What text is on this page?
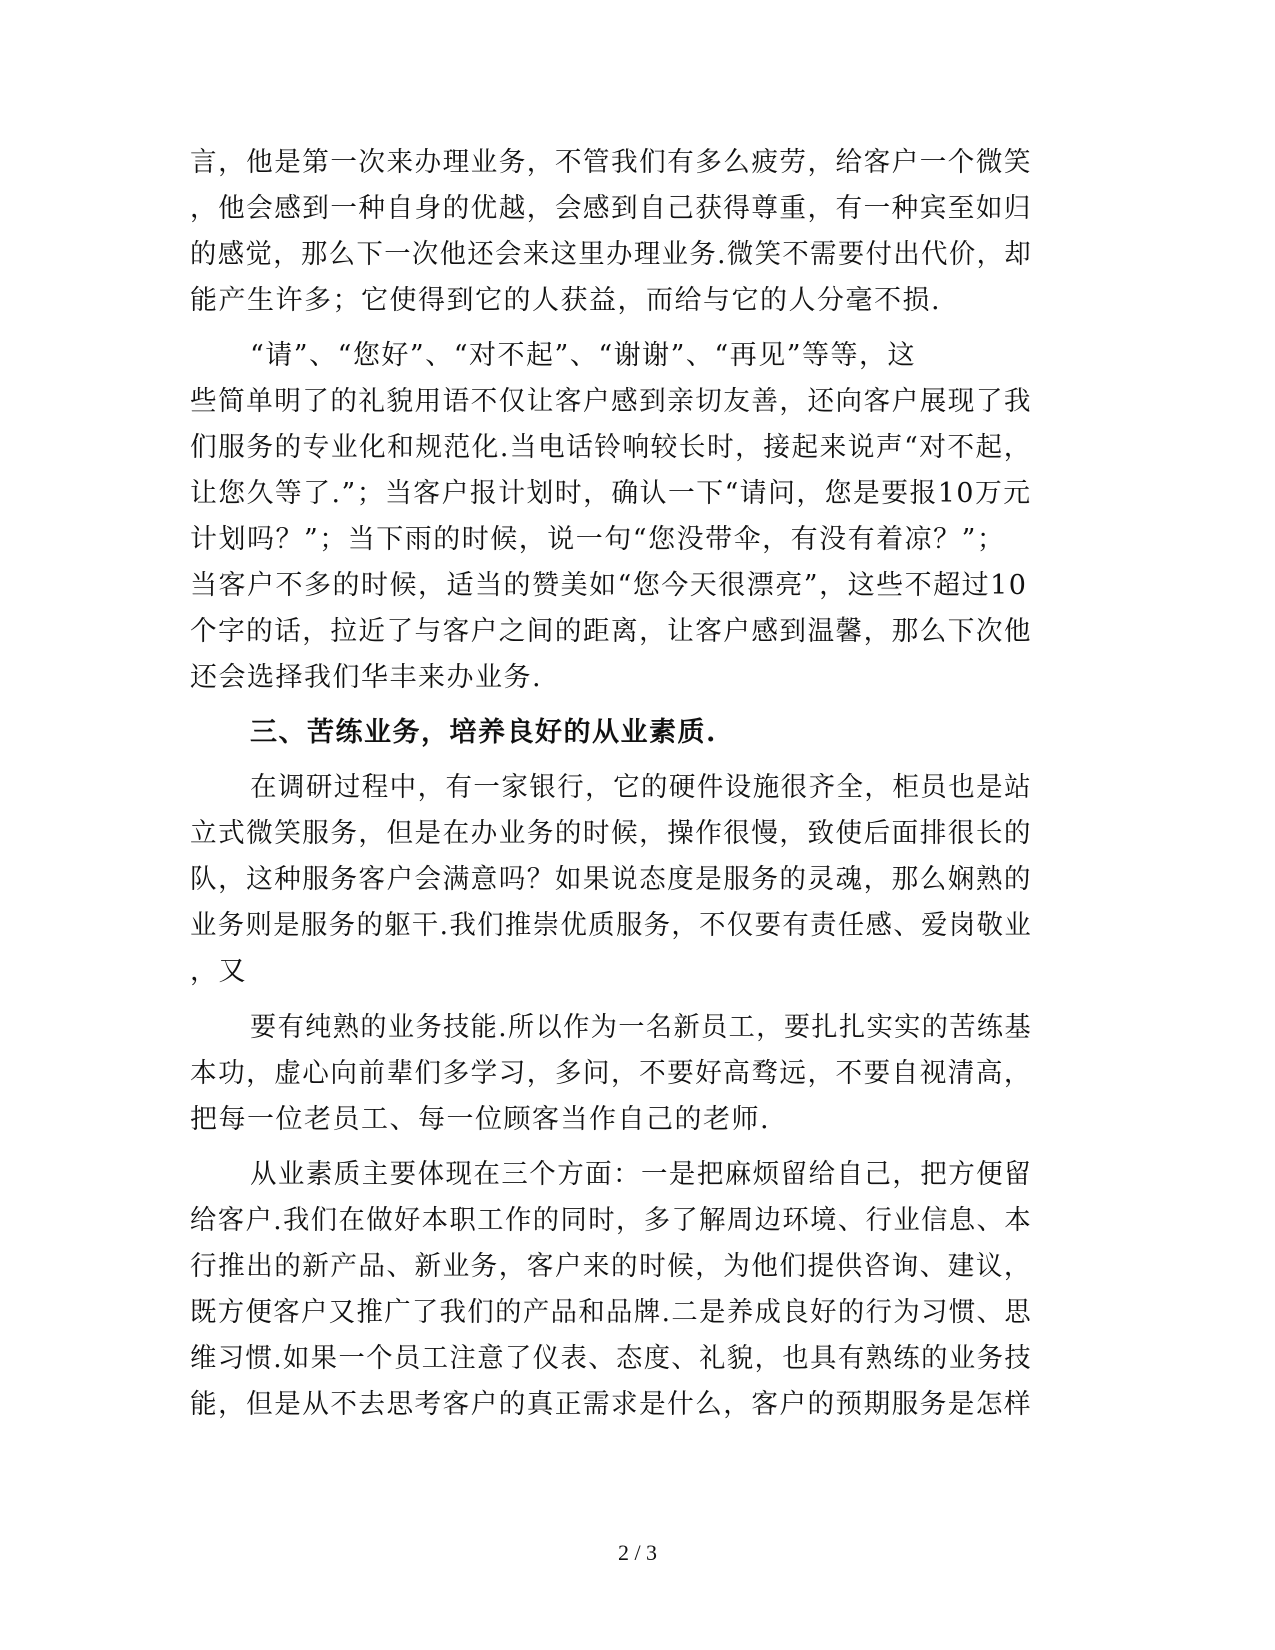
言，他是第一次来办理业务，不管我们有多么疲劳，给客户一个微笑
，他会感到一种自身的优越，会感到自己获得尊重，有一种宾至如归
的感觉，那么下一次他还会来这里办理业务.微笑不需要付出代价，却
能产生许多；它使得到它的人获益，而给与它的人分毫不损.
“请”、“您好”、“对不起”、“谢谢”、“再见”等等，这
些简单明了的礼貌用语不仅让客户感到亲切友善，还向客户展现了我
们服务的专业化和规范化.当电话铃响较长时，接起来说声“对不起，
让您久等了.”；当客户报计划时，确认一下“请问，您是要报10万元
计划吗？”；当下雨的时候，说一句“您没带伞，有没有着凉？”；
当客户不多的时候，适当的赞美如“您今天很漂亮”，这些不超过10
个字的话，拉近了与客户之间的距离，让客户感到温馨，那么下次他
还会选择我们华丰来办业务.
三、苦练业务，培养良好的从业素质.
在调研过程中，有一家银行，它的硬件设施很齐全，柜员也是站
立式微笑服务，但是在办业务的时候，操作很慢，致使后面排很长的
队，这种服务客户会满意吗？如果说态度是服务的灵魂，那么娴熟的
业务则是服务的躯干.我们推崇优质服务，不仅要有责任感、爱岗敬业
，又
要有纯熟的业务技能.所以作为一名新员工，要扎扎实实的苦练基
本功，虚心向前辈们多学习，多问，不要好高骛远，不要自视清高，
把每一位老员工、每一位顾客当作自己的老师.
从业素质主要体现在三个方面：一是把麻烦留给自己，把方便留
给客户.我们在做好本职工作的同时，多了解周边环境、行业信息、本
行推出的新产品、新业务，客户来的时候，为他们提供咨询、建议，
既方便客户又推广了我们的产品和品牌.二是养成良好的行为习惯、思
维习惯.如果一个员工注意了仪表、态度、礼貌，也具有熟练的业务技
能，但是从不去思考客户的真正需求是什么，客户的预期服务是怎样
2 / 3
